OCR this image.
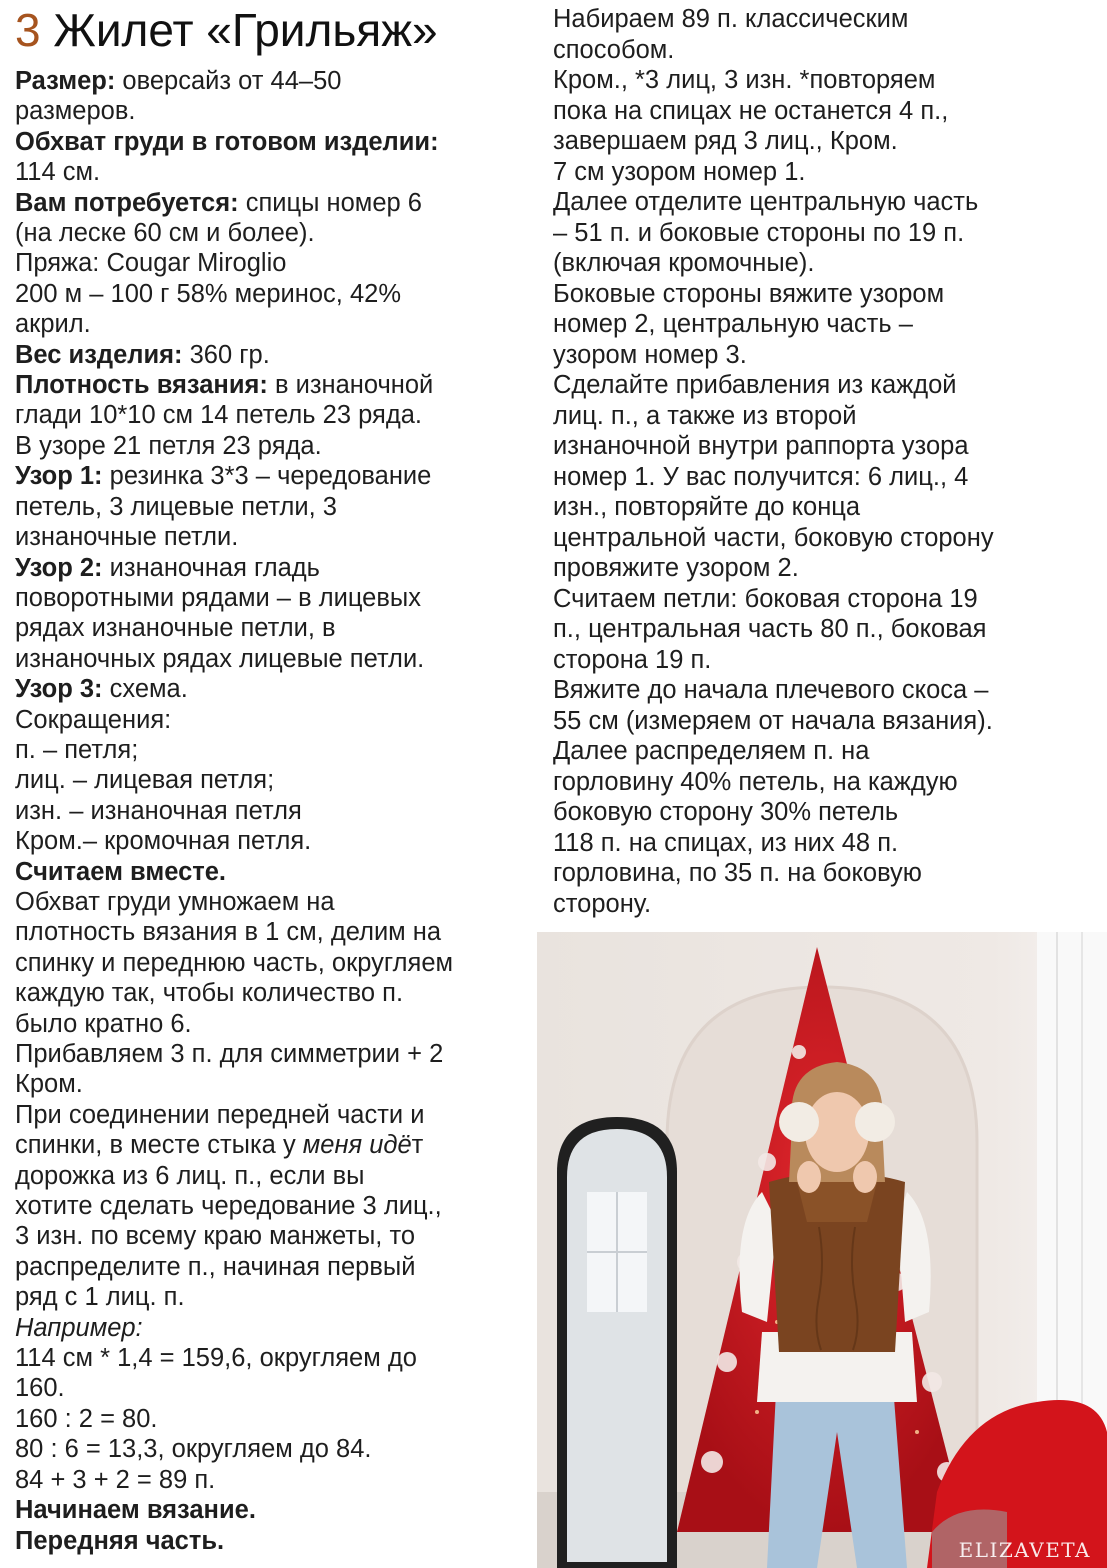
3 Жилет «Грильяж»
Размер: оверсайз от 44–50
размеров.
Обхват груди в готовом изделии:
114 см.
Вам потребуется: спицы номер 6
(на леске 60 см и более).
Пряжа: Cougar Miroglio
200 м – 100 г 58% меринос, 42%
акрил.
Вес изделия: 360 гр.
Плотность вязания: в изнаночной
глади 10*10 см 14 петель 23 ряда.
В узоре 21 петля 23 ряда.
Узор 1: резинка 3*3 – чередование
петель, 3 лицевые петли, 3
изнаночные петли.
Узор 2: изнаночная гладь
поворотными рядами – в лицевых
рядах изнаночные петли, в
изнаночных рядах лицевые петли.
Узор 3: схема.
Сокращения:
п. – петля;
лиц. – лицевая петля;
изн. – изнаночная петля
Кром.– кромочная петля.
Считаем вместе.
Обхват груди умножаем на
плотность вязания в 1 см, делим на
спинку и переднюю часть, округляем
каждую так, чтобы количество п.
было кратно 6.
Прибавляем 3 п. для симметрии + 2
Кром.
При соединении передней части и
спинки, в месте стыка у меня идёт
дорожка из 6 лиц. п., если вы
хотите сделать чередование 3 лиц.,
3 изн. по всему краю манжеты, то
распределите п., начиная первый
ряд с 1 лиц. п.
Например:
114 см * 1,4 = 159,6, округляем до
160.
160 : 2 = 80.
80 : 6 = 13,3, округляем до 84.
84 + 3 + 2 = 89 п.
Начинаем вязание.
Передняя часть.
Набираем 89 п. классическим
способом.
Кром., *3 лиц, 3 изн. *повторяем
пока на спицах не останется 4 п.,
завершаем ряд 3 лиц., Кром.
7 см узором номер 1.
Далее отделите центральную часть
– 51 п. и боковые стороны по 19 п.
(включая кромочные).
Боковые стороны вяжите узором
номер 2, центральную часть –
узором номер 3.
Сделайте прибавления из каждой
лиц. п., а также из второй
изнаночной внутри раппорта узора
номер 1. У вас получится: 6 лиц., 4
изн., повторяйте до конца
центральной части, боковую сторону
провяжите узором 2.
Считаем петли: боковая сторона 19
п., центральная часть 80 п., боковая
сторона 19 п.
Вяжите до начала плечевого скоса –
55 см (измеряем от начала вязания).
Далее распределяем п. на
горловину 40% петель, на каждую
боковую сторону 30% петель
118 п. на спицах, из них 48 п.
горловина, по 35 п. на боковую
сторону.
ELIZAVETA
